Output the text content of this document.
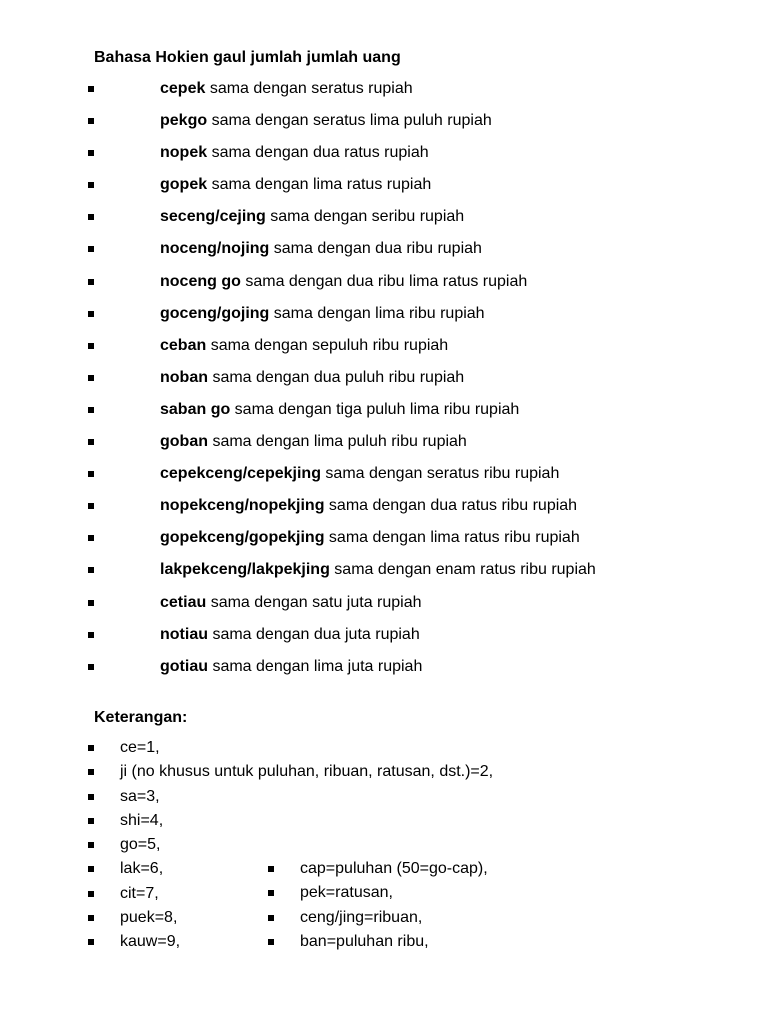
Bahasa Hokien gaul jumlah jumlah uang
cepek sama dengan seratus rupiah
pekgo sama dengan seratus lima puluh rupiah
nopek sama dengan dua ratus rupiah
gopek sama dengan lima ratus rupiah
seceng/cejing sama dengan seribu rupiah
noceng/nojing sama dengan dua ribu rupiah
noceng go sama dengan dua ribu lima ratus rupiah
goceng/gojing sama dengan lima ribu rupiah
ceban sama dengan sepuluh ribu rupiah
noban sama dengan dua puluh ribu rupiah
saban go sama dengan tiga puluh lima ribu rupiah
goban sama dengan lima puluh ribu rupiah
cepekceng/cepekjing sama dengan seratus ribu rupiah
nopekceng/nopekjing sama dengan dua ratus ribu rupiah
gopekceng/gopekjing sama dengan lima ratus ribu rupiah
lakpekceng/lakpekjing sama dengan enam ratus ribu rupiah
cetiau sama dengan satu juta rupiah
notiau sama dengan dua juta rupiah
gotiau sama dengan lima juta rupiah
Keterangan:
ce=1,
ji (no khusus untuk puluhan, ribuan, ratusan, dst.)=2,
sa=3,
shi=4,
go=5,
lak=6,
cit=7,
puek=8,
kauw=9,
cap=puluhan (50=go-cap),
pek=ratusan,
ceng/jing=ribuan,
ban=puluhan ribu,
